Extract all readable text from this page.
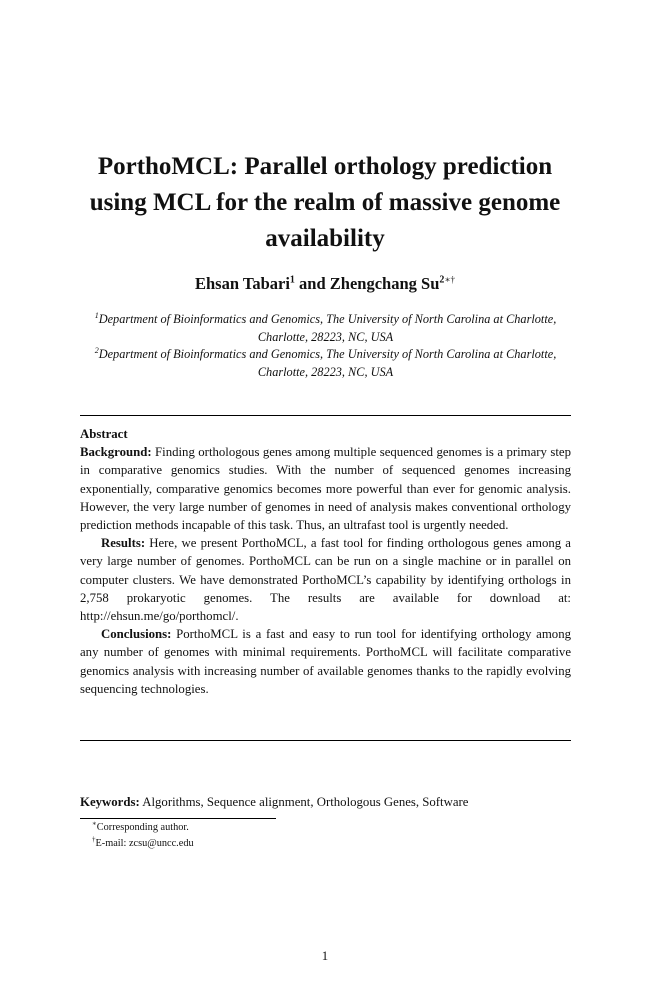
PorthoMCL: Parallel orthology prediction using MCL for the realm of massive genome availability
Ehsan Tabari$^1$ and Zhengchang $Su^{2∗\dagger}$
$^1$Department of Bioinformatics and Genomics, The University of North Carolina at Charlotte, Charlotte, 28223, NC, USA
$^2$Department of Bioinformatics and Genomics, The University of North Carolina at Charlotte, Charlotte, 28223, NC, USA
Abstract

Background: Finding orthologous genes among multiple sequenced genomes is a primary step in comparative genomics studies. With the number of sequenced genomes increasing exponentially, comparative genomics becomes more powerful than ever for genomic analysis. However, the very large number of genomes in need of analysis makes conventional orthology prediction methods incapable of this task. Thus, an ultrafast tool is urgently needed.

Results: Here, we present PorthoMCL, a fast tool for finding orthologous genes among a very large number of genomes. PorthoMCL can be run on a single machine or in parallel on computer clusters. We have demonstrated PorthoMCL’s capability by identifying orthologs in 2,758 prokaryotic genomes. The results are available for download at: http://ehsun.me/go/porthomcl/.

Conclusions: PorthoMCL is a fast and easy to run tool for identifying orthology among any number of genomes with minimal requirements. PorthoMCL will facilitate comparative genomics analysis with increasing number of available genomes thanks to the rapidly evolving sequencing technologies.

Keywords: Algorithms, Sequence alignment, Orthologous Genes, Software
∗Corresponding author.
†E-mail: zcsu@uncc.edu
1
